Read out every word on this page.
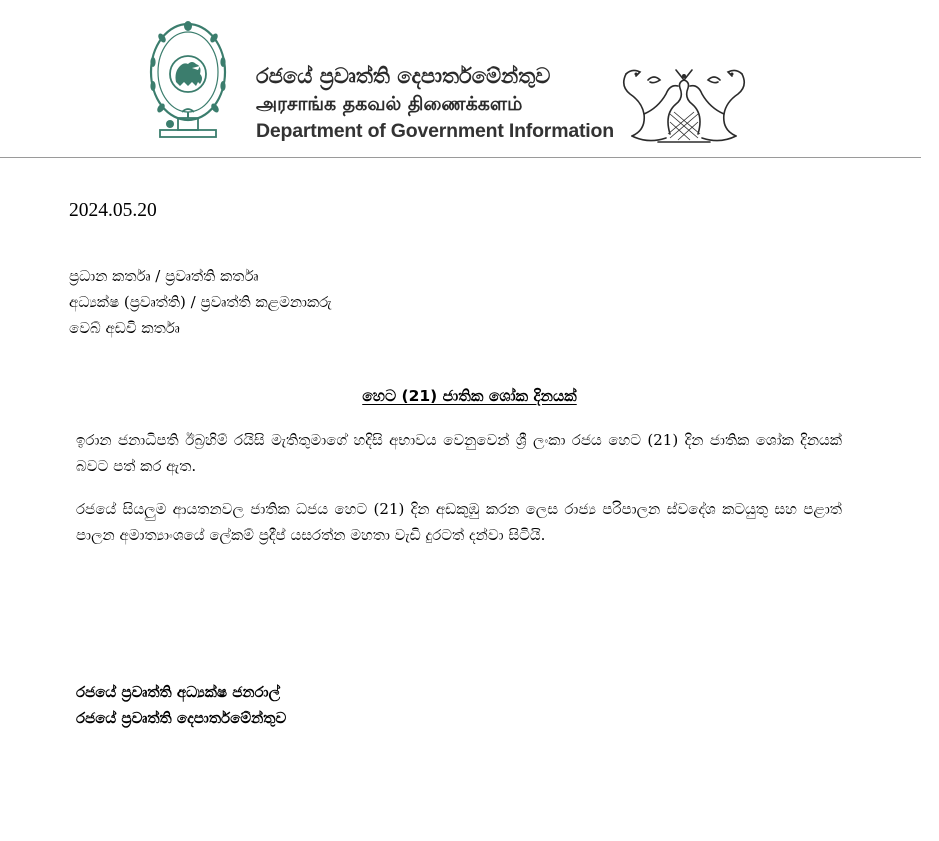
රජයේ ප්‍රවෘත්ති දෙපාර්තමේන්තුව
அரசாங்க தகவல் திணைக்களம்
Department of Government Information
2024.05.20
ප්‍රධාන කර්තෘ / ප්‍රවෘත්ති කර්තෘ
අධ්‍යක්ෂ (ප්‍රවෘත්ති) / ප්‍රවෘත්ති කළමනාකරු
වෙබ් අඩවි කර්තෘ
හෙට (21) ජාතික ශෝක දිනයක්
ඉරාන ජනාධිපති ඊබ්‍රහිම් රයිසි මැතිතුමාගේ හදිසි අභාවය වෙනුවෙන් ශ්‍රී ලංකා රජය හෙට (21) දින ජාතික ශෝක දිනයක් බවට පත් කර ඇත.
රජයේ සියලුම ආයතනවල ජාතික ධජය හෙට (21) දින අඩකුඹු කරන ලෙස රාජ්‍ය පරිපාලන ස්වදේශ කටයුතු සහ පළාත් පාලන අමාත්‍යාංශයේ ලේකම් ප්‍රදීප් යසරත්න මහතා වැඩි දුරටත් දන්වා සිටියි.
රජයේ ප්‍රවෘත්ති අධ්‍යක්ෂ ජනරාල්
රජයේ ප්‍රවෘත්ති දෙපාර්තමේන්තුව
